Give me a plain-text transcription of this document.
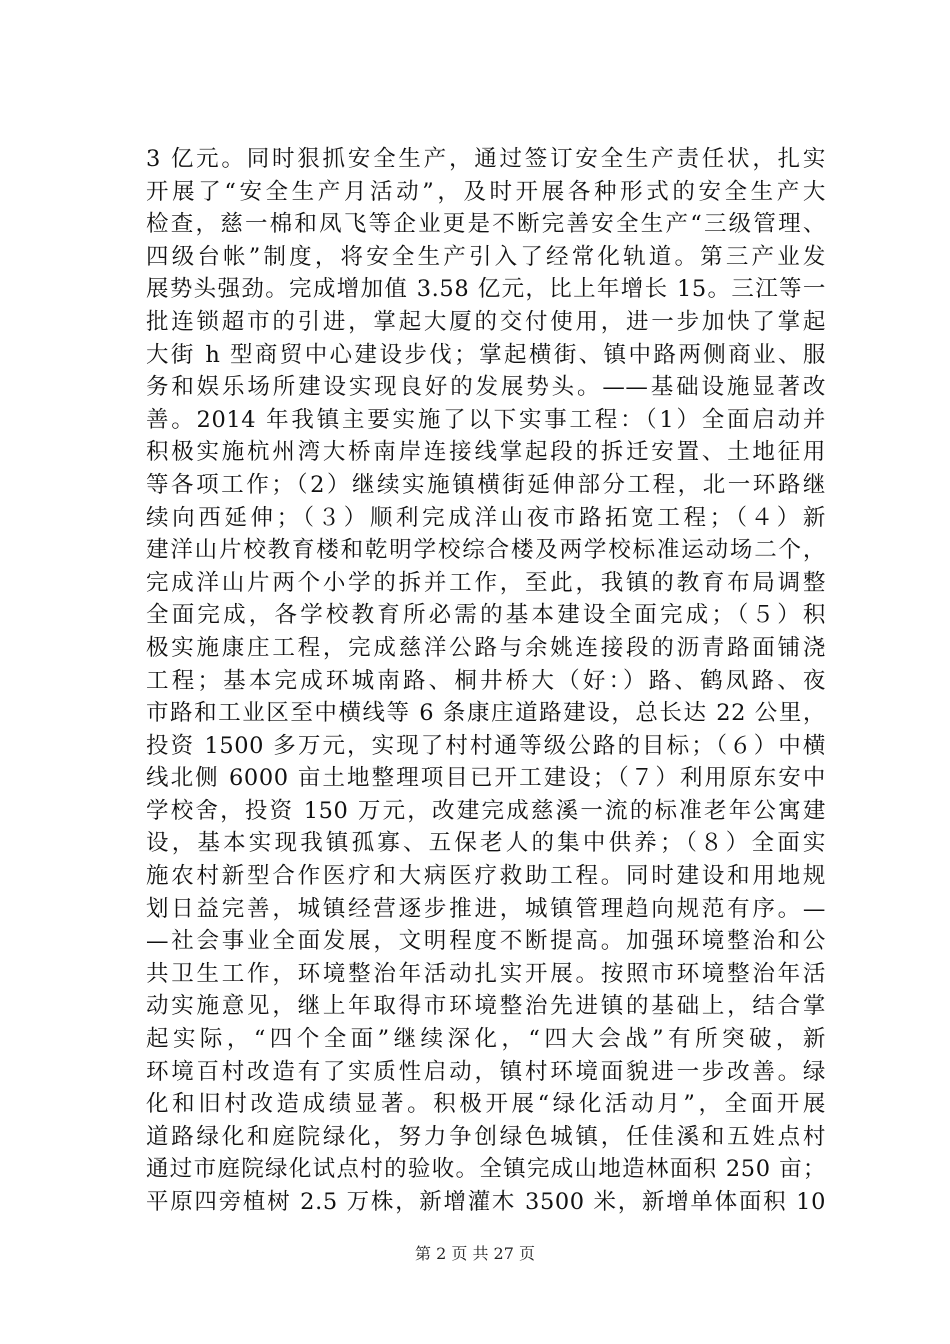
3 亿元。同时狠抓安全生产，通过签订安全生产责任状，扎实
开展了“安全生产月活动”，及时开展各种形式的安全生产大
检查，慈一棉和凤飞等企业更是不断完善安全生产“三级管理、
四级台帐”制度，将安全生产引入了经常化轨道。第三产业发
展势头强劲。完成增加值 3.58 亿元，比上年增长 15。三江等一
批连锁超市的引进，掌起大厦的交付使用，进一步加快了掌起
大街 h 型商贸中心建设步伐；掌起横街、镇中路两侧商业、服
务和娱乐场所建设实现良好的发展势头。——基础设施显著改
善。2014 年我镇主要实施了以下实事工程：（1）全面启动并
积极实施杭州湾大桥南岸连接线掌起段的拆迁安置、土地征用
等各项工作；（2）继续实施镇横街延伸部分工程，北一环路继
续向西延伸；（３）顺利完成洋山夜市路拓宽工程；（４）新
建洋山片校教育楼和乾明学校综合楼及两学校标准运动场二个，
完成洋山片两个小学的拆并工作，至此，我镇的教育布局调整
全面完成，各学校教育所必需的基本建设全面完成；（５）积
极实施康庄工程，完成慈洋公路与余姚连接段的沥青路面铺浇
工程；基本完成环城南路、桐井桥大（好：）路、鹤凤路、夜
市路和工业区至中横线等 6 条康庄道路建设，总长达 22 公里，
投资 1500 多万元，实现了村村通等级公路的目标；（６）中横
线北侧 6000 亩土地整理项目已开工建设；（７）利用原东安中
学校舍，投资 150 万元，改建完成慈溪一流的标准老年公寓建
设，基本实现我镇孤寡、五保老人的集中供养；（８）全面实
施农村新型合作医疗和大病医疗救助工程。同时建设和用地规
划日益完善，城镇经营逐步推进，城镇管理趋向规范有序。—
—社会事业全面发展，文明程度不断提高。加强环境整治和公
共卫生工作，环境整治年活动扎实开展。按照市环境整治年活
动实施意见，继上年取得市环境整治先进镇的基础上，结合掌
起实际，“四个全面”继续深化，“四大会战”有所突破，新
环境百村改造有了实质性启动，镇村环境面貌进一步改善。绿
化和旧村改造成绩显著。积极开展“绿化活动月”，全面开展
道路绿化和庭院绿化，努力争创绿色城镇，任佳溪和五姓点村
通过市庭院绿化试点村的验收。全镇完成山地造林面积 250 亩；
平原四旁植树 2.5 万株，新增灌木 3500 米，新增单体面积 10
第 2 页 共 27 页
